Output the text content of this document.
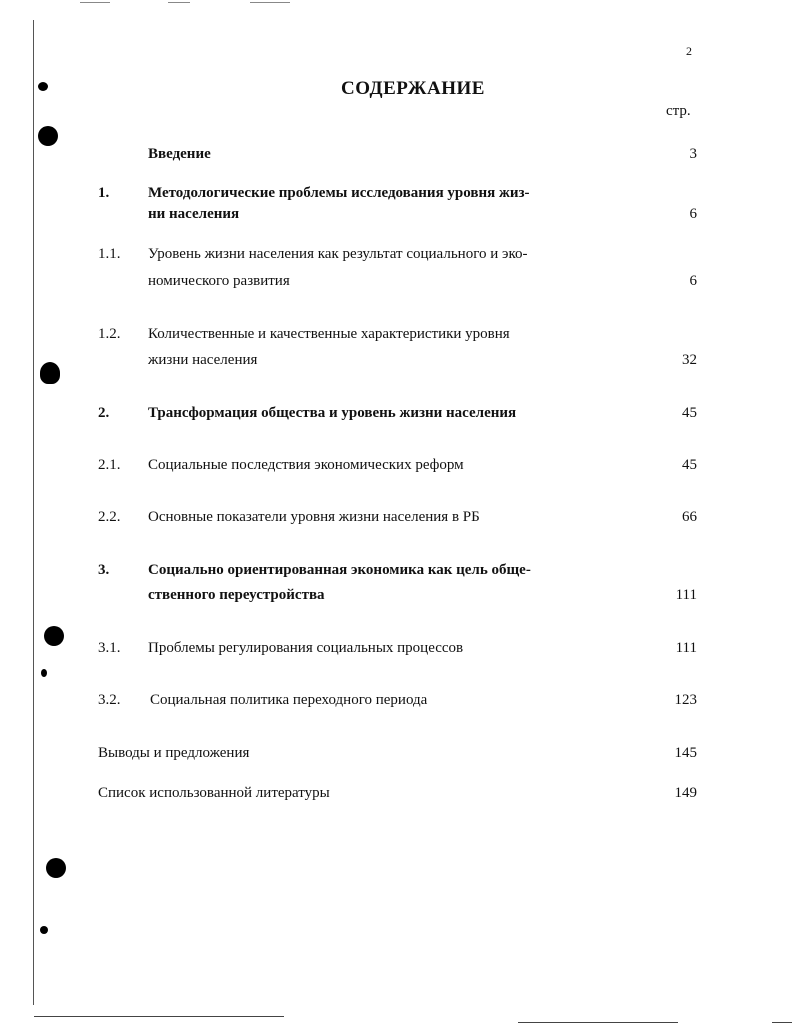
2
СОДЕРЖАНИЕ
стр.
Введение	3
1.	Методологические проблемы исследования уровня жиз-
ни населения	6
1.1. Уровень жизни населения как результат социального и эко-
номического развития	6
1.2. Количественные и качественные характеристики уровня
жизни населения	32
2.	Трансформация общества и уровень жизни населения	45
2.1. Социальные последствия экономических реформ	45
2.2. Основные показатели уровня жизни населения в РБ	66
3.	Социально ориентированная экономика как цель обще-
ственного переустройства	111
3.1. Проблемы регулирования социальных процессов	111
3.2. Социальная политика переходного периода	123
Выводы и предложения	145
Список использованной литературы	149
